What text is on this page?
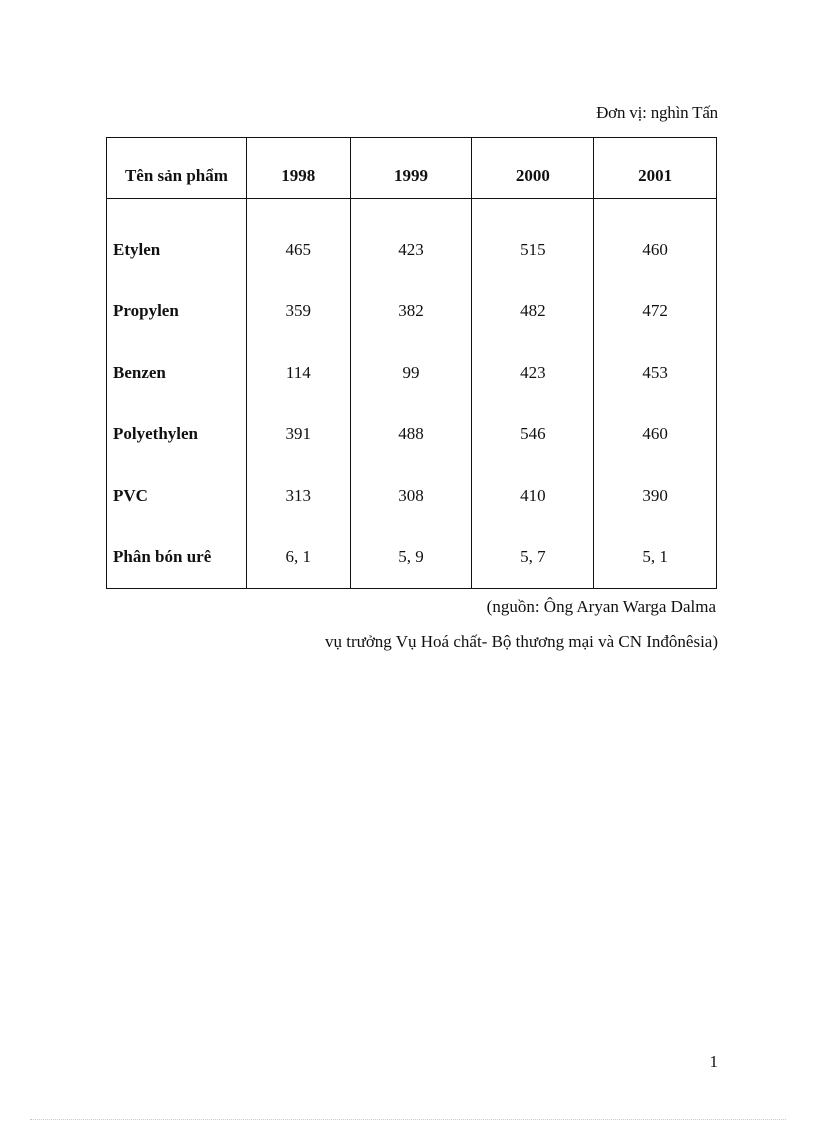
Đơn vị: nghìn Tấn
Tên sản phẩm	1998	1999	2000	2001
Etylen	465	423	515	460
Propylen	359	382	482	472
Benzen	114	99	423	453
Polyethylen	391	488	546	460
PVC	313	308	410	390
Phân bón urê	6, 1	5, 9	5, 7	5, 1
(nguồn: Ông Aryan Warga Dalma
vụ trưởng Vụ Hoá chất- Bộ thương mại và CN Inđônêsia)
1
